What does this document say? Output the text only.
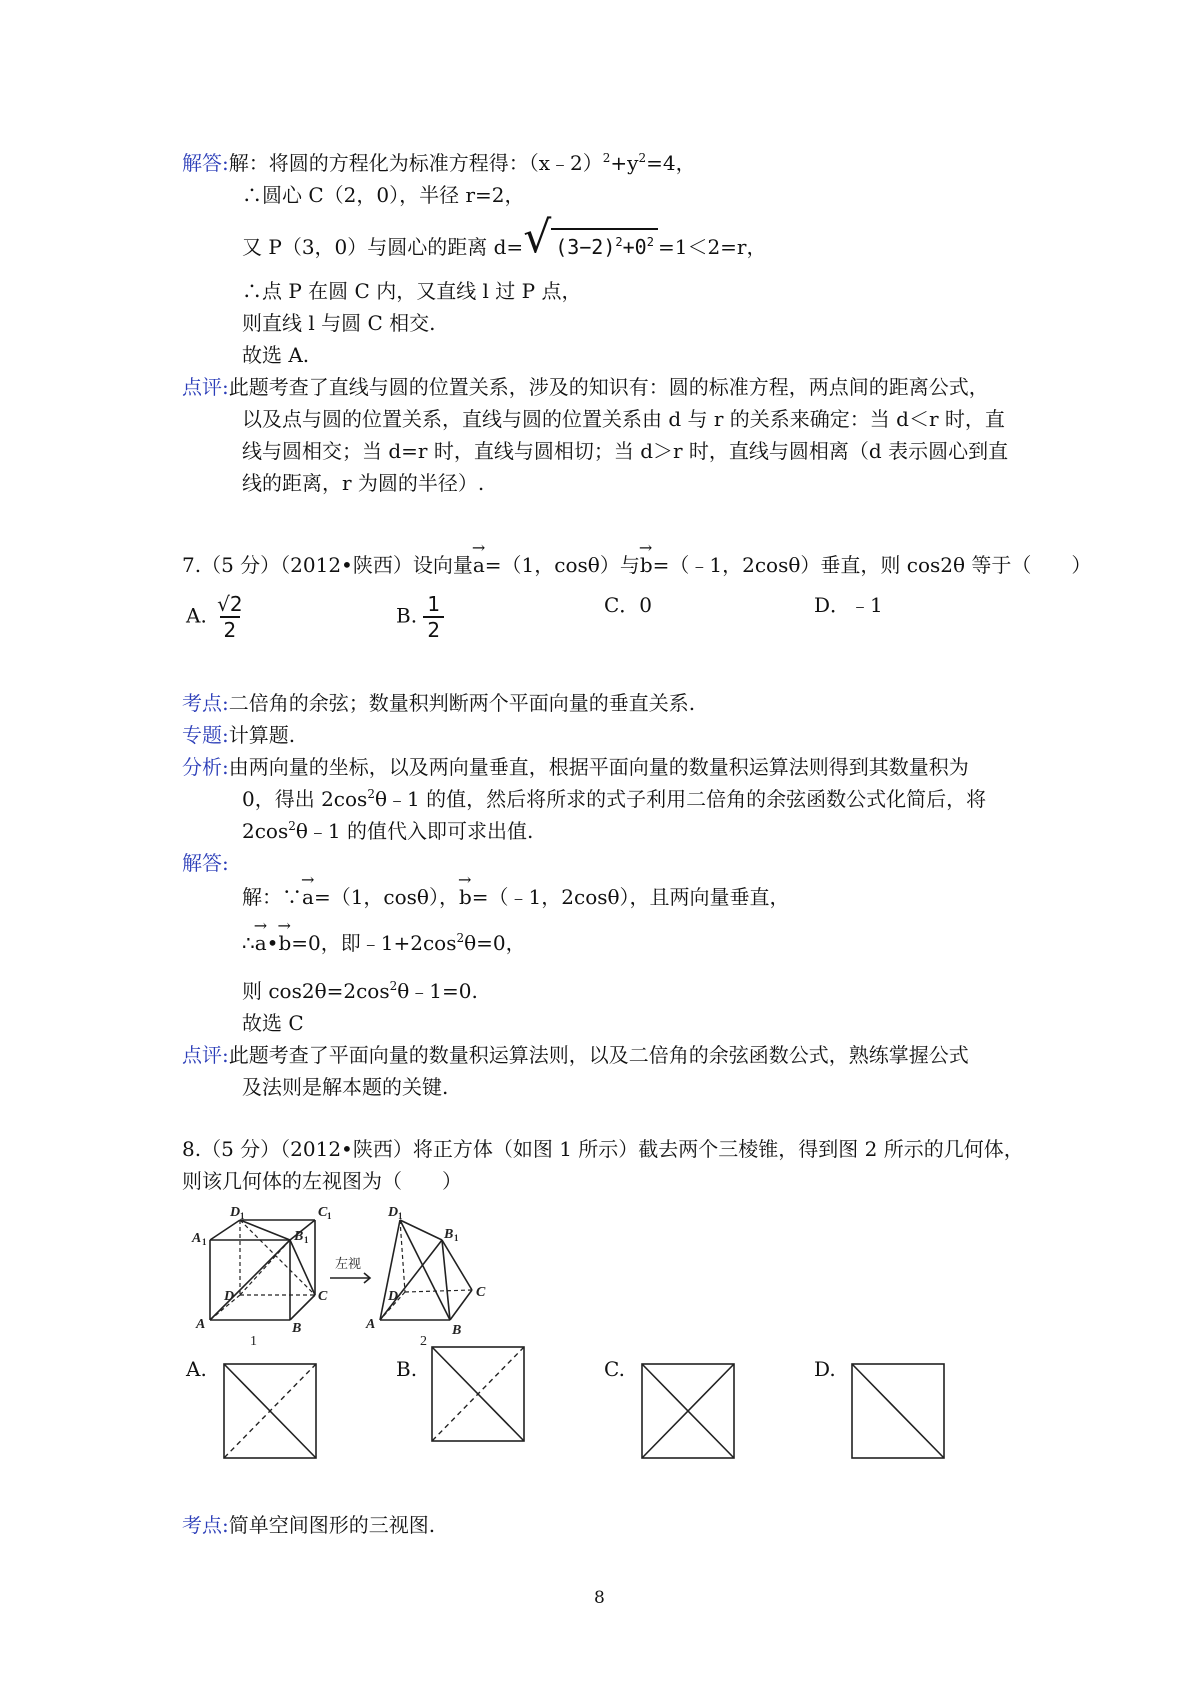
解答:解：将圆的方程化为标准方程得：$(x﹣2)^2+y^2=4$，
∴圆心 C（2，0），半径 r=2，
又 P（3，0）与圆心的距离 d= √ $(3-2)^2+0^2 =1<2=r$，
∴点 P 在圆 C 内，又直线 l 过 P 点，
则直线 l 与圆 C 相交.
故选 A.
点评:此题考查了直线与圆的位置关系，涉及的知识有：圆的标准方程，两点间的距离公式，
以及点与圆的位置关系，直线与圆的位置关系由 d 与 r 的关系来确定：当 d＜r 时，直
线与圆相交；当 d=r 时，直线与圆相切；当 d＞r 时，直线与圆相离（d 表示圆心到直
线的距离，r 为圆的半径）.
7.（5 分）（2012•陕西）设向量→ a=（1，cosθ）与→ b=（﹣1，2cosθ）垂直，则 cos2θ 等于（　　）
A. $\frac{√2}{2}$	B. $\frac{1}{2}$	C．0	D．﹣1
考点:二倍角的余弦；数量积判断两个平面向量的垂直关系.
专题:计算题.
分析:由两向量的坐标，以及两向量垂直，根据平面向量的数量积运算法则得到其数量积为
0，得出 $2\cos^2\theta﹣1$ 的值，然后将所求的式子利用二倍角的余弦函数公式化简后，将
$2\cos^2\theta﹣1$ 的值代入即可求出值.
解答:
解：∵→ a=（1，cosθ），→ b=（﹣1，2cosθ），且两向量垂直，
∴→ a•→ b=0，即$﹣1+2\cos^2\theta=0$，
则 $\cos 2\theta=2\cos^2\theta﹣1=0$.
故选 C
点评:此题考查了平面向量的数量积运算法则，以及二倍角的余弦函数公式，熟练掌握公式
及法则是解本题的关键.
8.（5 分）（2012•陕西）将正方体（如图 1 所示）截去两个三棱锥，得到图 2 所示的几何体，
则该几何体的左视图为（　　）
D	C
A	B
D	C
A	B
D
B
D	C
A	B
1	1
1	1
1
1
1	2
左视
A.	B.	C.	D.
考点:简单空间图形的三视图.
8
